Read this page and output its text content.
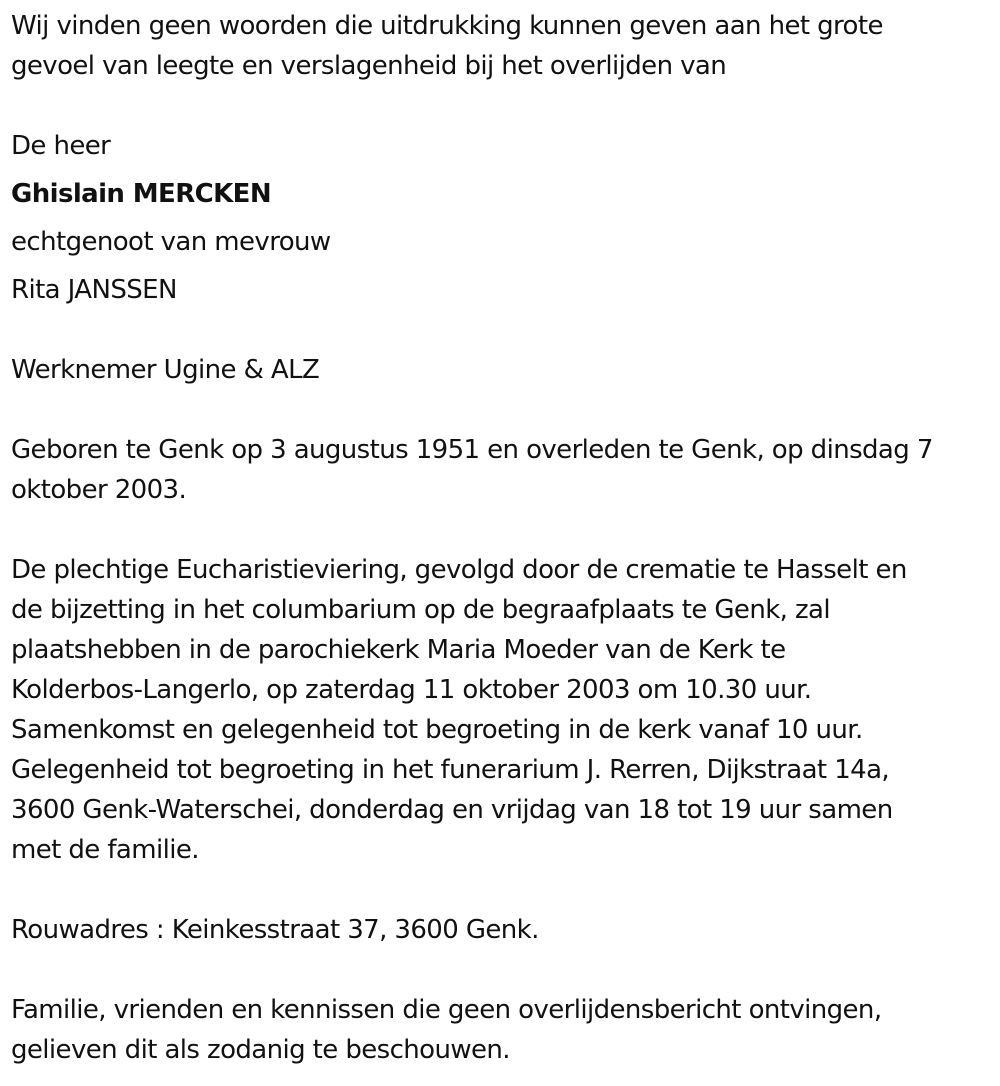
Wij vinden geen woorden die uitdrukking kunnen geven aan het grote
gevoel van leegte en verslagenheid bij het overlijden van
De heer
Ghislain MERCKEN
echtgenoot van mevrouw
Rita JANSSEN
Werknemer Ugine & ALZ
Geboren te Genk op 3 augustus 1951 en overleden te Genk, op dinsdag 7
oktober 2003.
De plechtige Eucharistieviering, gevolgd door de crematie te Hasselt en
de bijzetting in het columbarium op de begraafplaats te Genk, zal
plaatshebben in de parochiekerk Maria Moeder van de Kerk te
Kolderbos-Langerlo, op zaterdag 11 oktober 2003 om 10.30 uur.
Samenkomst en gelegenheid tot begroeting in de kerk vanaf 10 uur.
Gelegenheid tot begroeting in het funerarium J. Rerren, Dijkstraat 14a,
3600 Genk-Waterschei, donderdag en vrijdag van 18 tot 19 uur samen
met de familie.
Rouwadres : Keinkesstraat 37, 3600 Genk.
Familie, vrienden en kennissen die geen overlijdensbericht ontvingen,
gelieven dit als zodanig te beschouwen.
